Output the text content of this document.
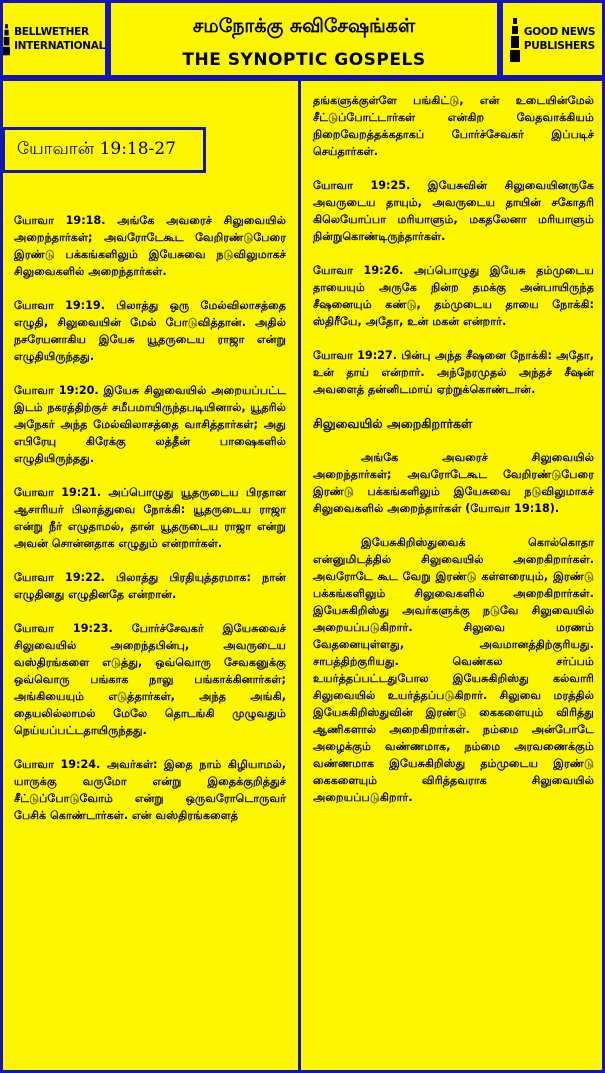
BELLWETHER
INTERNATIONAL
சமநோக்கு சுவிசேஷங்கள்
THE SYNOPTIC GOSPELS
GOOD NEWS
PUBLISHERS
யோவான் 19:18-27

யோவா 19:18. அங்கே அவரைச் சிலுவையில் அறைந்தார்கள்; அவரோடேகூட வேறிரண்டுபேரை இரண்டு பக்கங்களிலும் இயேசுவை நடுவிலுமாகச் சிலுவைகளில் அறைந்தார்கள்.

யோவா 19:19. பிலாத்து ஒரு மேல்விலாசத்தை எழுதி, சிலுவையின் மேல் போடுவித்தான். அதில் நசரேயனாகிய இயேசு யூதருடைய ராஜா என்று எழுதியிருந்தது.

யோவா 19:20. இயேசு சிலுவையில் அறையப்பட்ட இடம் நகரத்திற்குச் சமீபமாயிருந்தபடியினால், யூதரில் அநேகர் அந்த மேல்விலாசத்தை வாசித்தார்கள்; அது எபிரேயு கிரேக்கு லத்தீன் பாஷைகளில் எழுதியிருந்தது.

யோவா 19:21. அப்பொழுது யூதருடைய பிரதான ஆசாரியர் பிலாத்துவை நோக்கி: யூதருடைய ராஜா என்று நீர் எழுதாமல், தான் யூதருடைய ராஜா என்று அவன் சொன்னதாக எழுதும் என்றார்கள்.

யோவா 19:22. பிலாத்து பிரதியுத்தரமாக: நான் எழுதினது எழுதினதே என்றான்.

யோவா 19:23. போர்ச்சேவகர் இயேசுவைச் சிலுவையில் அறைந்தபின்பு, அவருடைய வஸ்திரங்களை எடுத்து, ஒவ்வொரு சேவகனுக்கு ஒவ்வொரு பங்காக நாலு பங்காக்கினார்கள்; அங்கியையும் எடுத்தார்கள், அந்த அங்கி, தையலில்லாமல் மேலே தொடங்கி முழுவதும் நெய்யப்பட்டதாயிருந்தது.

யோவா 19:24. அவர்கள்: இதை நாம் கிழியாமல், யாருக்கு வருமோ என்று இதைக்குறித்துச் சீட்டுப்போடுவோம் என்று ஒருவரோடொருவர் பேசிக் கொண்டார்கள். என் வஸ்திரங்களைத்

தங்களுக்குள்ளே பங்கிட்டு, என் உடையின்மேல் சீட்டுப்போட்டார்கள் என்கிற வேதவாக்கியம் நிறைவேறத்தக்கதாகப் போர்ச்சேவகர் இப்படிச் செய்தார்கள்.

யோவா 19:25. இயேசுவின் சிலுவையினருகே அவருடைய தாயும், அவருடைய தாயின் சகோதரி கிலெயோப்பா மரியாளும், மகதலேனா மரியாளும் நின்றுகொண்டிருந்தார்கள்.

யோவா 19:26. அப்பொழுது இயேசு தம்முடைய தாயையும் அருகே நின்ற தமக்கு அன்பாயிருந்த சீஷனையும் கண்டு, தம்முடைய தாயை நோக்கி: ஸ்திரீயே, அதோ, உன் மகன் என்றார்.

யோவா 19:27. பின்பு அந்த சீஷனை நோக்கி: அதோ, உன் தாய் என்றார். அந்நேரமுதல் அந்தச் சீஷன் அவளைத் தன்னிடமாய் ஏற்றுக்கொண்டான்.

சிலுவையில் அறைகிறார்கள்

அங்கே அவரைச் சிலுவையில் அறைந்தார்கள்; அவரோடேகூட வேறிரண்டுபேரை இரண்டு பக்கங்களிலும் இயேசுவை நடுவிலுமாகச் சிலுவைகளில் அறைந்தார்கள் (யோவா 19:18).

இயேசுகிறிஸ்துவைக் கொல்கொதா என்னுமிடத்தில் சிலுவையில் அறைகிறார்கள். அவரோடே கூட வேறு இரண்டு கள்ளரையும், இரண்டு பக்கங்களிலும் சிலுவைகளில் அறைகிறார்கள். இயேசுகிறிஸ்து அவர்களுக்கு நடுவே சிலுவையில் அறையப்படுகிறார். சிலுவை மரணம் வேதனையுள்ளது, அவமானத்திற்குரியது. சாபத்திற்குரியது. வெண்கல சர்ப்பம் உயர்த்தப்பட்டதுபோல இயேசுகிறிஸ்து கல்வாரி சிலுவையில் உயர்த்தப்படுகிறார். சிலுவை மரத்தில் இயேசுகிறிஸ்துவின் இரண்டு கைகளையும் விரித்து ஆணிகளால் அறைகிறார்கள். நம்மை அன்போடே அழைக்கும் வண்ணமாக, நம்மை அரவணைக்கும் வண்ணமாக இயேசுகிறிஸ்து தம்முடைய இரண்டு கைகளையும் விரித்தவராக சிலுவையில் அறையப்படுகிறார்.
